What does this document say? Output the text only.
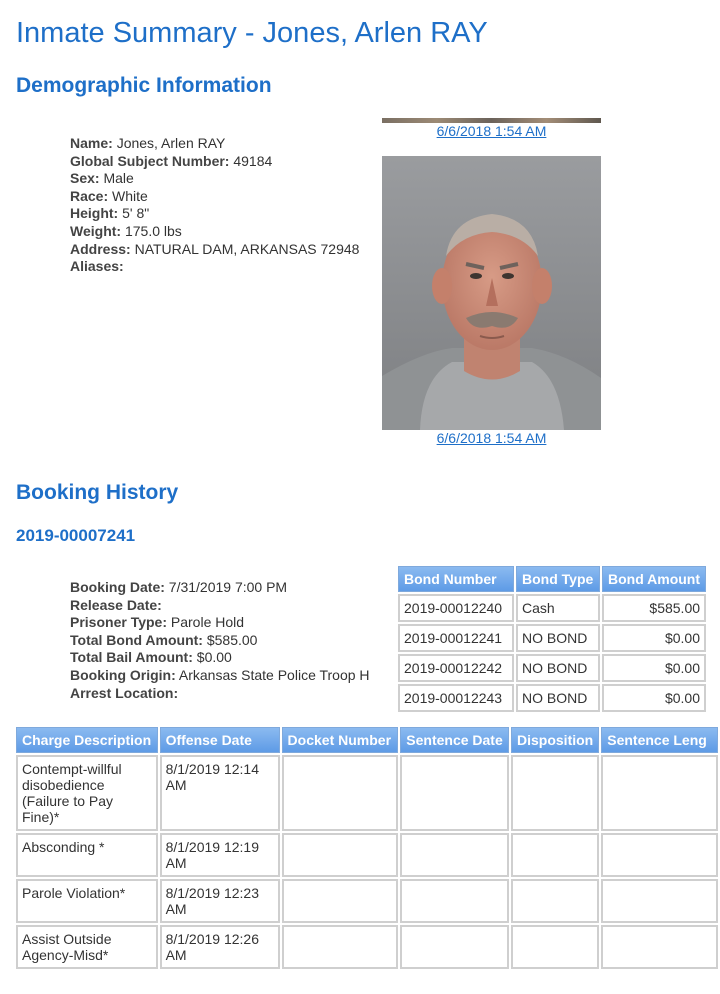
Inmate Summary - Jones, Arlen RAY
Demographic Information
Name: Jones, Arlen RAY
Global Subject Number: 49184
Sex: Male
Race: White
Height: 5' 8"
Weight: 175.0 lbs
Address: NATURAL DAM, ARKANSAS 72948
Aliases:
6/6/2018 1:54 AM
6/6/2018 1:54 AM
Booking History
2019-00007241
Booking Date: 7/31/2019 7:00 PM
Release Date:
Prisoner Type: Parole Hold
Total Bond Amount: $585.00
Total Bail Amount: $0.00
Booking Origin: Arkansas State Police Troop H
Arrest Location:
Bond Number	Bond Type	Bond Amount
2019-00012240	Cash	$585.00
2019-00012241	NO BOND	$0.00
2019-00012242	NO BOND	$0.00
2019-00012243	NO BOND	$0.00
Charge Description	Offense Date	Docket Number	Sentence Date	Disposition	Sentence Leng
Contempt-willful disobedience (Failure to Pay Fine)*	8/1/2019 12:14 AM				
Absconding *	8/1/2019 12:19 AM				
Parole Violation*	8/1/2019 12:23 AM				
Assist Outside Agency-Misd*	8/1/2019 12:26 AM				
